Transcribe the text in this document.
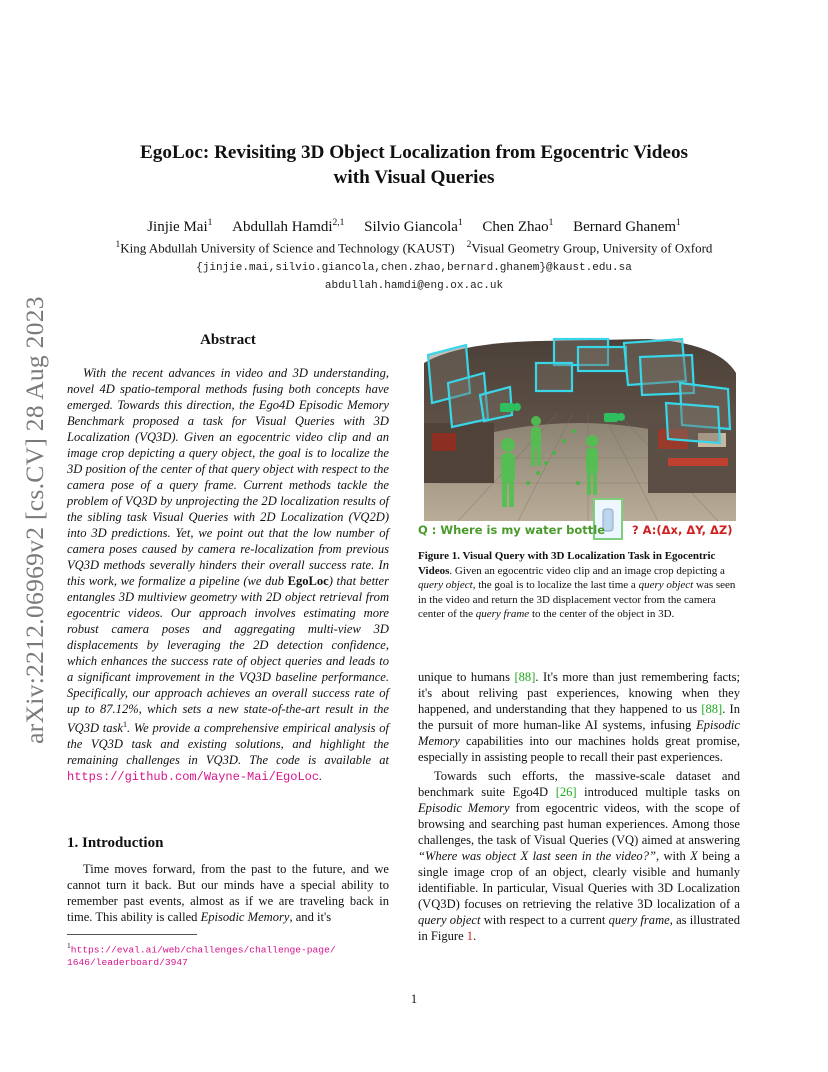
arXiv:2212.06969v2 [cs.CV] 28 Aug 2023
EgoLoc: Revisiting 3D Object Localization from Egocentric Videos
with Visual Queries
Jinjie Mai$^1$ Abdullah Hamdi$^{2,1}$ Silvio Giancola$^1$ Chen Zhao$^1$ Bernard Ghanem$^1$
$^1$King Abdullah University of Science and Technology (KAUST) $^2$Visual Geometry Group, University of Oxford
{jinjie.mai,silvio.giancola,chen.zhao,bernard.ghanem}@kaust.edu.sa
abdullah.hamdi@eng.ox.ac.uk
Abstract
With the recent advances in video and 3D understanding, novel 4D spatio-temporal methods fusing both concepts have emerged. Towards this direction, the Ego4D Episodic Memory Benchmark proposed a task for Visual Queries with 3D Localization (VQ3D). Given an egocentric video clip and an image crop depicting a query object, the goal is to localize the 3D position of the center of that query object with respect to the camera pose of a query frame. Current methods tackle the problem of VQ3D by unprojecting the 2D localization results of the sibling task Visual Queries with 2D Localization (VQ2D) into 3D predictions. Yet, we point out that the low number of camera poses caused by camera re-localization from previous VQ3D methods severally hinders their overall success rate. In this work, we formalize a pipeline (we dub EgoLoc) that better entangles 3D multiview geometry with 2D object retrieval from egocentric videos. Our approach involves estimating more robust camera poses and aggregating multi-view 3D displacements by leveraging the 2D detection confidence, which enhances the success rate of object queries and leads to a significant improvement in the VQ3D baseline performance. Specifically, our approach achieves an overall success rate of up to 87.12%, which sets a new state-of-the-art result in the VQ3D task$^1$. We provide a comprehensive empirical analysis of the VQ3D task and existing solutions, and highlight the remaining challenges in VQ3D. The code is available at https://github.com/Wayne-Mai/EgoLoc.
1. Introduction
Time moves forward, from the past to the future, and we cannot turn it back. But our minds have a special ability to remember past events, almost as if we are traveling back in time. This ability is called Episodic Memory, and it's
$^1$https://eval.ai/web/challenges/challenge-page/
1646/leaderboard/3947
Q : Where is my water bottle ? A:(Δx, ΔY, ΔZ)
Figure 1. Visual Query with 3D Localization Task in Egocentric Videos. Given an egocentric video clip and an image crop depicting a query object, the goal is to localize the last time a query object was seen in the video and return the 3D displacement vector from the camera center of the query frame to the center of the object in 3D.

unique to humans [88]. It's more than just remembering facts; it's about reliving past experiences, knowing when they happened, and understanding that they happened to us [88]. In the pursuit of more human-like AI systems, infusing Episodic Memory capabilities into our machines holds great promise, especially in assisting people to recall their past experiences.

Towards such efforts, the massive-scale dataset and benchmark suite Ego4D [26] introduced multiple tasks on Episodic Memory from egocentric videos, with the scope of browsing and searching past human experiences. Among those challenges, the task of Visual Queries (VQ) aimed at answering “Where was object X last seen in the video?”, with X being a single image crop of an object, clearly visible and humanly identifiable. In particular, Visual Queries with 3D Localization (VQ3D) focuses on retrieving the relative 3D localization of a query object with respect to a current query frame, as illustrated in Figure 1.

1
